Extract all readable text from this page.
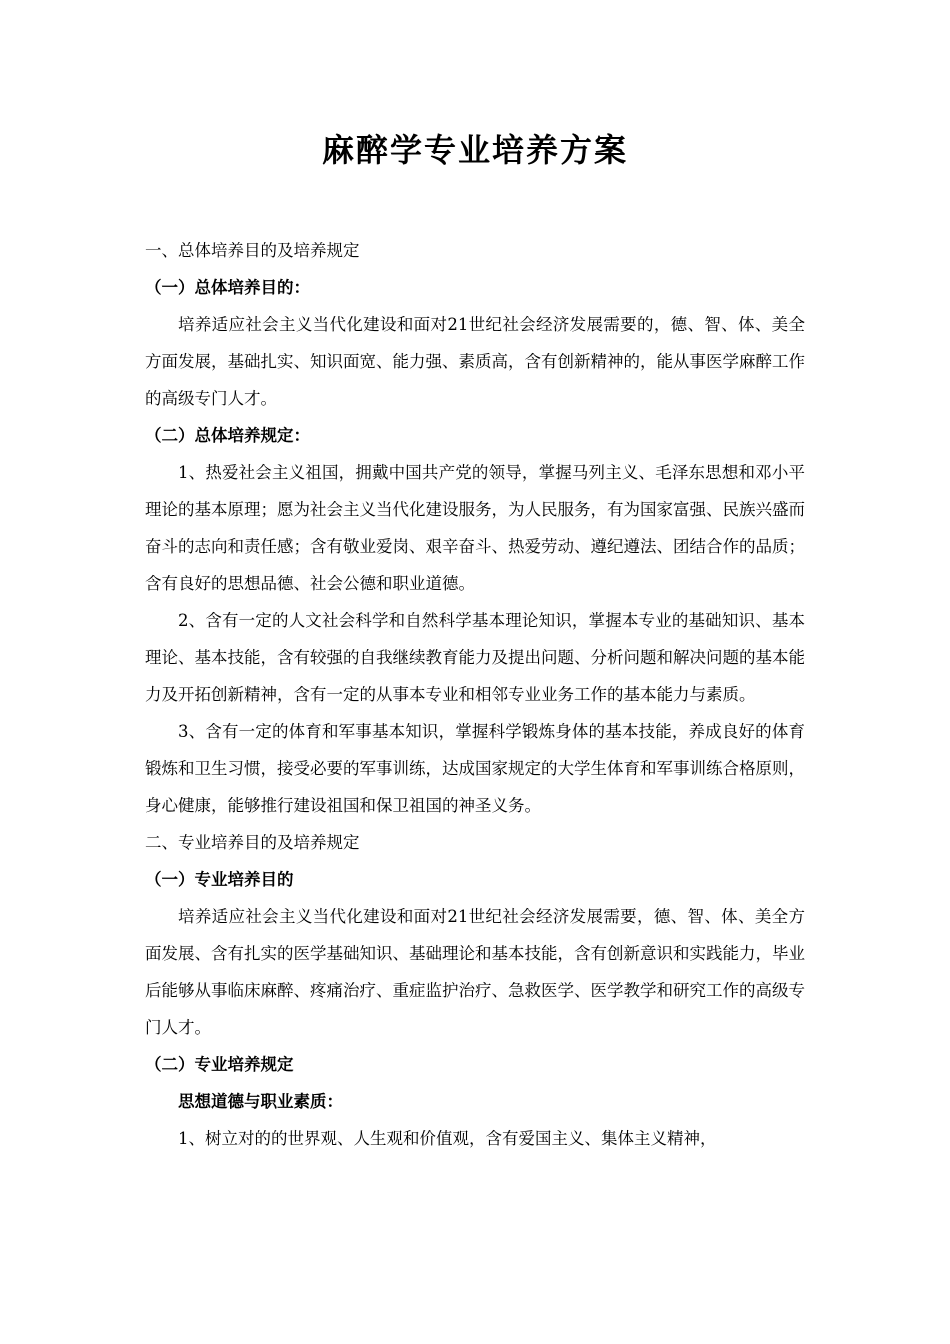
麻醉学专业培养方案
一、总体培养目的及培养规定
（一）总体培养目的：
培养适应社会主义当代化建设和面对21世纪社会经济发展需要的，德、智、体、美全方面发展，基础扎实、知识面宽、能力强、素质高，含有创新精神的，能从事医学麻醉工作的高级专门人才。
（二）总体培养规定：
1、热爱社会主义祖国，拥戴中国共产党的领导，掌握马列主义、毛泽东思想和邓小平理论的基本原理；愿为社会主义当代化建设服务，为人民服务，有为国家富强、民族兴盛而奋斗的志向和责任感；含有敬业爱岗、艰辛奋斗、热爱劳动、遵纪遵法、团结合作的品质；含有良好的思想品德、社会公德和职业道德。
2、含有一定的人文社会科学和自然科学基本理论知识，掌握本专业的基础知识、基本理论、基本技能，含有较强的自我继续教育能力及提出问题、分析问题和解决问题的基本能力及开拓创新精神，含有一定的从事本专业和相邻专业业务工作的基本能力与素质。
3、含有一定的体育和军事基本知识，掌握科学锻炼身体的基本技能，养成良好的体育锻炼和卫生习惯，接受必要的军事训练，达成国家规定的大学生体育和军事训练合格原则，身心健康，能够推行建设祖国和保卫祖国的神圣义务。
二、专业培养目的及培养规定
（一）专业培养目的
培养适应社会主义当代化建设和面对21世纪社会经济发展需要，德、智、体、美全方面发展、含有扎实的医学基础知识、基础理论和基本技能，含有创新意识和实践能力，毕业后能够从事临床麻醉、疼痛治疗、重症监护治疗、急救医学、医学教学和研究工作的高级专门人才。
（二）专业培养规定
思想道德与职业素质：
1、树立对的的世界观、人生观和价值观，含有爱国主义、集体主义精神，
